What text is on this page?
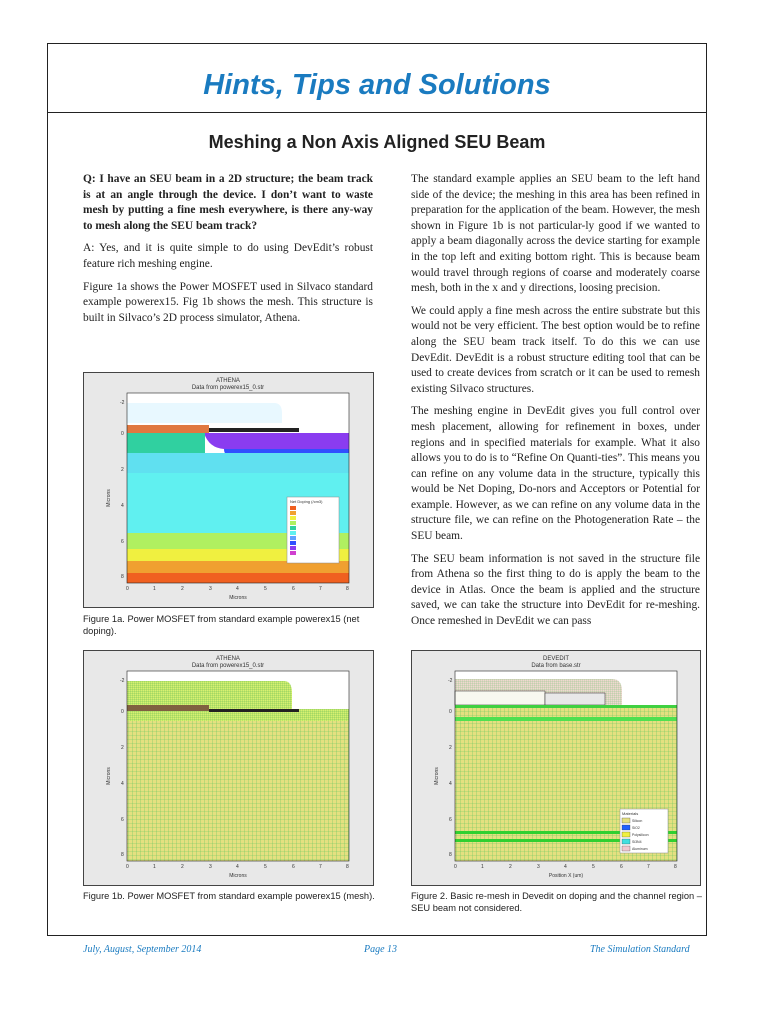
Hints, Tips and Solutions
Meshing a Non Axis Aligned SEU Beam

Q: I have an SEU beam in a 2D structure; the beam track is at an angle through the device. I don’t want to waste mesh by putting a fine mesh everywhere, is there any-way to mesh along the SEU beam track?

A: Yes, and it is quite simple to do using DevEdit’s robust feature rich meshing engine.

Figure 1a shows the Power MOSFET used in Silvaco standard example powerex15. Fig 1b shows the mesh. This structure is built in Silvaco’s 2D process simulator, Athena.

The standard example applies an SEU beam to the left hand side of the device; the meshing in this area has been refined in preparation for the application of the beam. However, the mesh shown in Figure 1b is not particular-ly good if we wanted to apply a beam diagonally across the device starting for example in the top left and exiting bottom right. This is because beam would travel through regions of coarse and moderately coarse mesh, both in the x and y directions, loosing precision.

We could apply a fine mesh across the entire substrate but this would not be very efficient. The best option would be to refine along the SEU beam track itself. To do this we can use DevEdit. DevEdit is a robust structure editing tool that can be used to create devices from scratch or it can be used to remesh existing Silvaco structures.

The meshing engine in DevEdit gives you full control over mesh placement, allowing for refinement in boxes, under regions and in specified materials for example. What it also allows you to do is to “Refine On Quanti-ties”. This means you can refine on any volume data in the structure, typically this would be Net Doping, Do-nors and Acceptors or Potential for example. However, as we can refine on any volume data in the structure file, we can refine on the Photogeneration Rate – the SEU beam.

The SEU beam information is not saved in the structure file from Athena so the first thing to do is apply the beam to the device in Atlas. Once the beam is applied and the structure saved, we can take the structure into DevEdit for re-meshing. Once remeshed in DevEdit we can pass

ATHENA
Data from powerex15_0.str
Net Doping (/cm3)
-2
0
2
4
6
8
0	1	2	3	4	5	6	7	8
Microns
Microns
Figure 1a. Power MOSFET from standard example powerex15 (net doping).
ATHENA
Data from powerex15_0.str
-2
0
2
4
6
8
0	1	2	3	4	5	6	7	8
Microns
Microns
Figure 1b. Power MOSFET from standard example powerex15 (mesh).
DEVEDIT
Data from base.str
Materials
Silicon
SiO2
Polysilicon
Si3N4
Aluminum
-2
0
2
4
6
8
0	1	2	3	4	5	6	7	8
Position X (um)
Microns
Figure 2. Basic re-mesh in Devedit on doping and the channel region – SEU beam not considered.
July, August, September 2014	Page 13	The Simulation Standard
